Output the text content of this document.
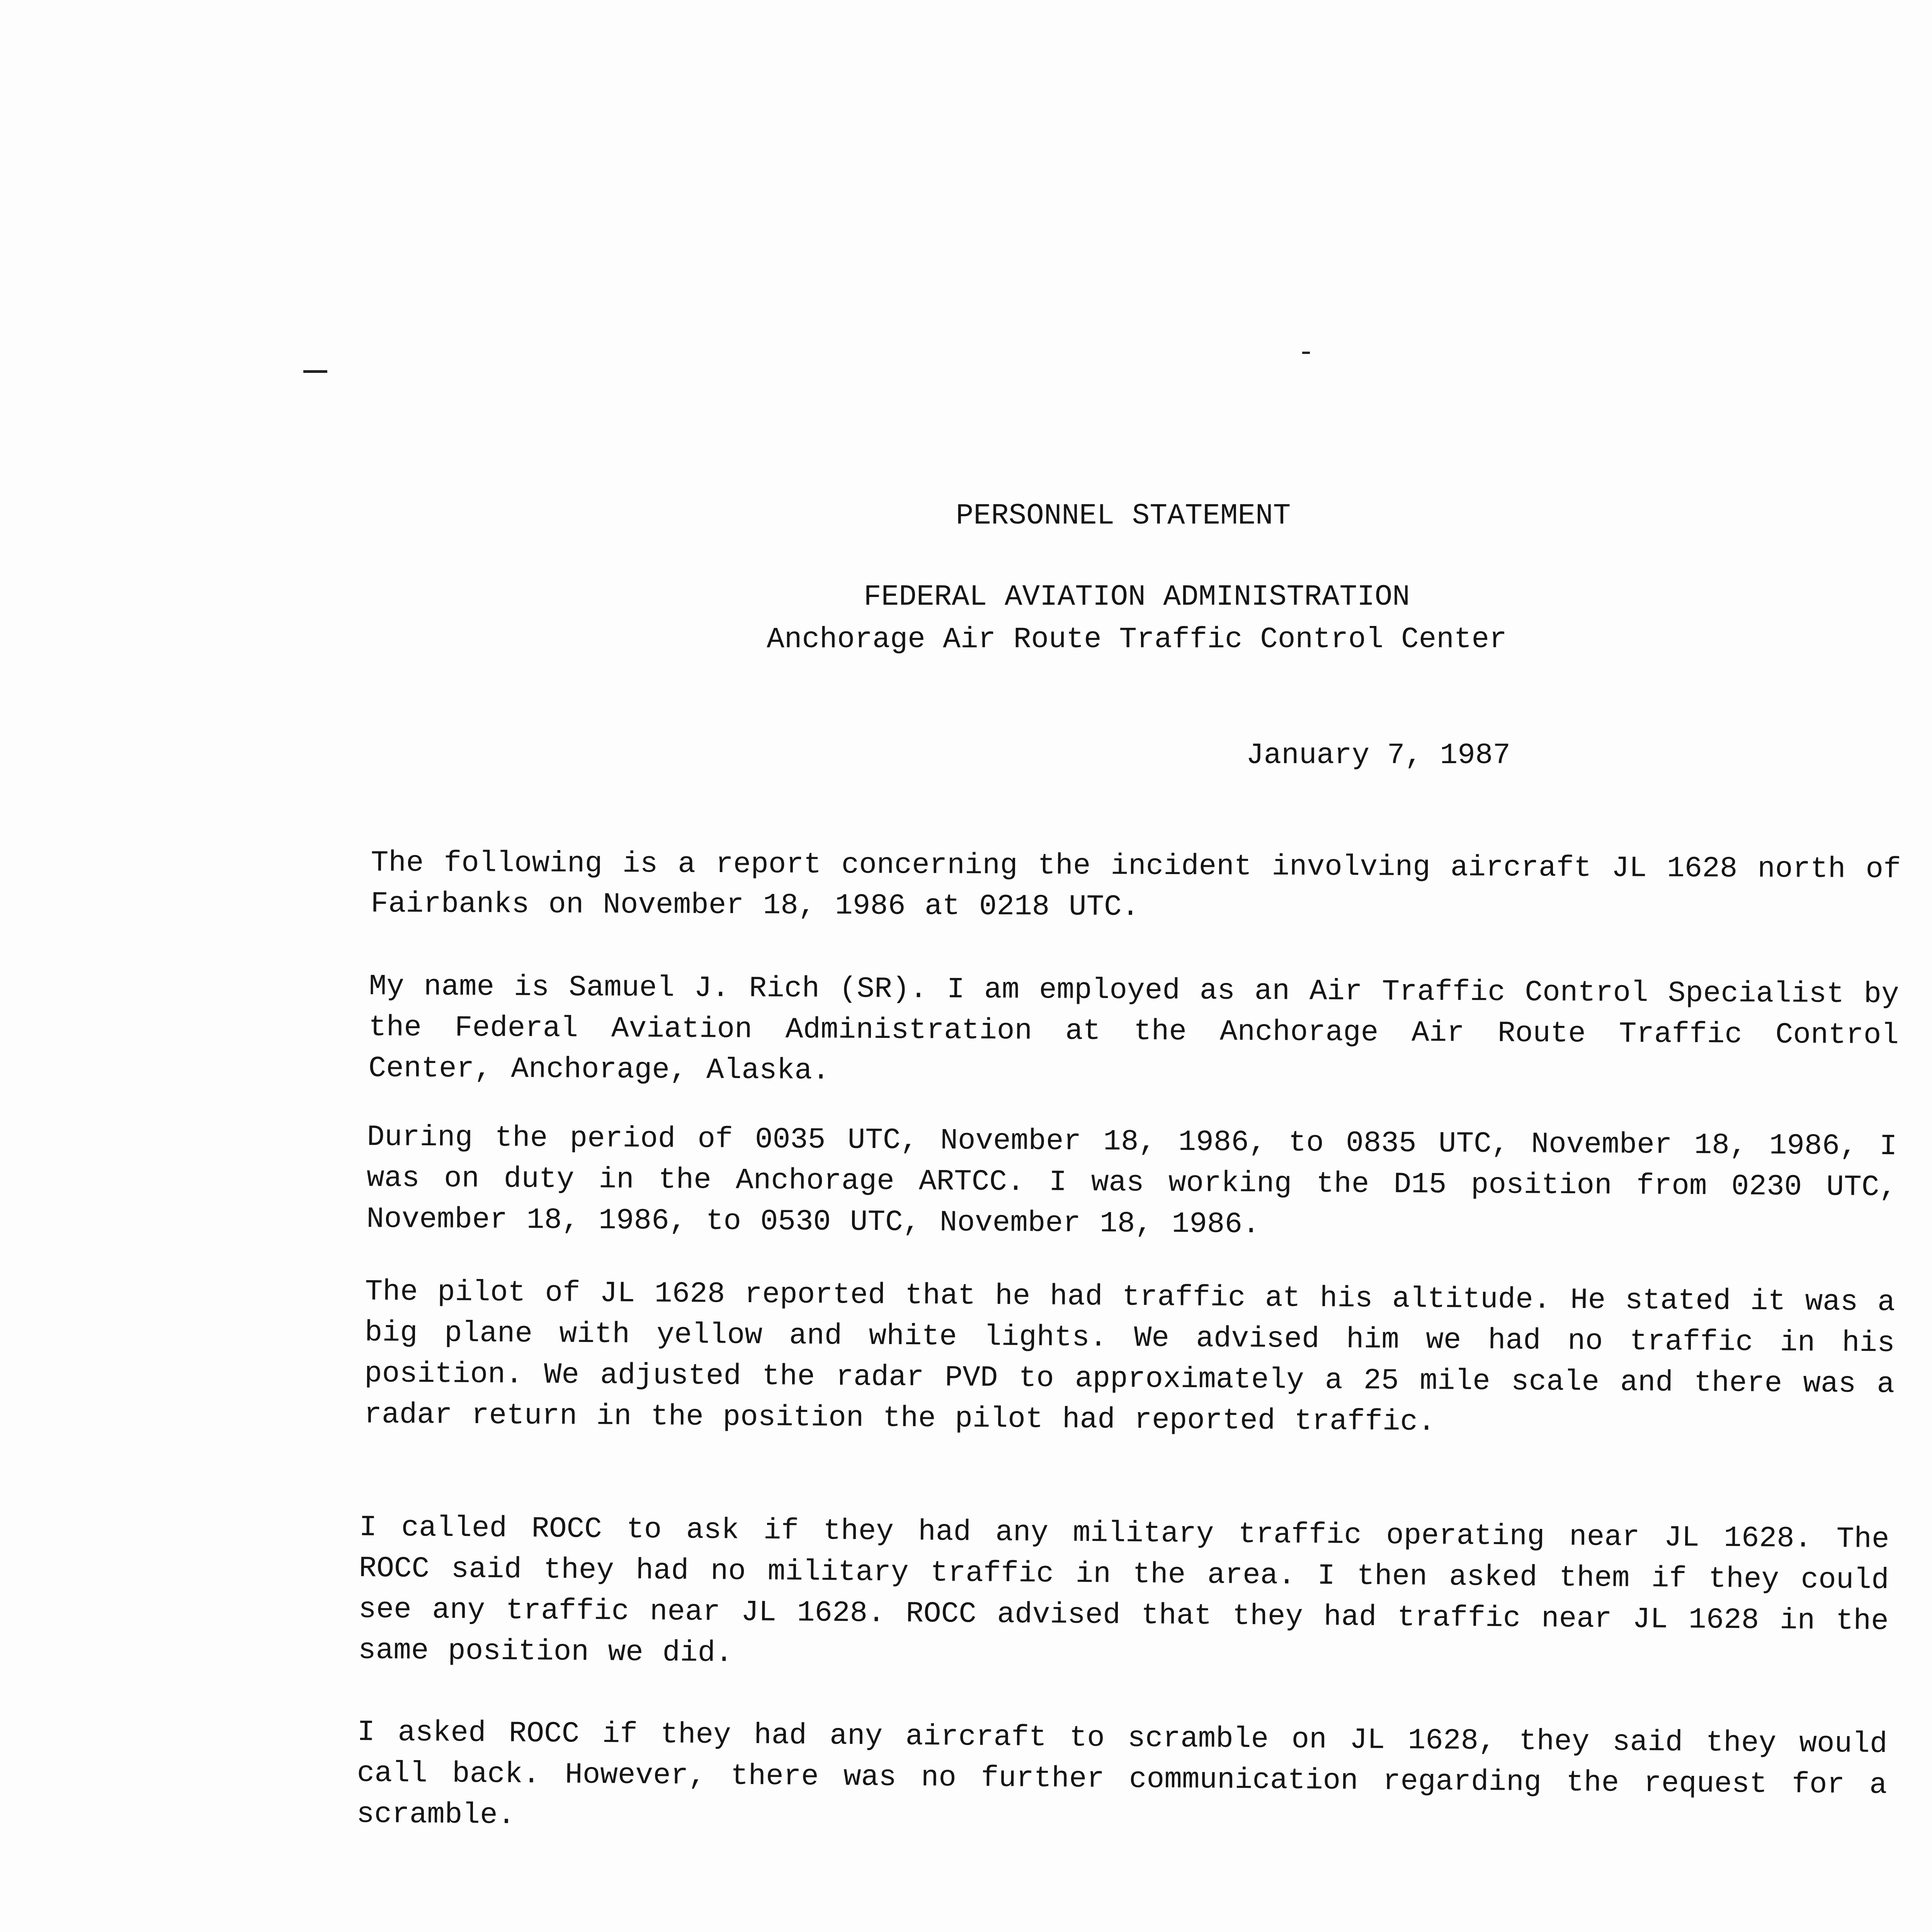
PERSONNEL STATEMENT
FEDERAL AVIATION ADMINISTRATION
Anchorage Air Route Traffic Control Center
January 7, 1987
The following is a report concerning the incident involving aircraft JL 1628 north of Fairbanks on November 18, 1986 at 0218 UTC.
My name is Samuel J. Rich (SR). I am employed as an Air Traffic Control Specialist by the Federal Aviation Administration at the Anchorage Air Route Traffic Control Center, Anchorage, Alaska.
During the period of 0035 UTC, November 18, 1986, to 0835 UTC, November 18, 1986, I was on duty in the Anchorage ARTCC. I was working the D15 position from 0230 UTC, November 18, 1986, to 0530 UTC, November 18, 1986.
The pilot of JL 1628 reported that he had traffic at his altitude. He stated it was a big plane with yellow and white lights. We advised him we had no traffic in his position. We adjusted the radar PVD to approximately a 25 mile scale and there was a radar return in the position the pilot had reported traffic.
I called ROCC to ask if they had any military traffic operating near JL 1628. The ROCC said they had no military traffic in the area. I then asked them if they could see any traffic near JL 1628. ROCC advised that they had traffic near JL 1628 in the same position we did.
I asked ROCC if they had any aircraft to scramble on JL 1628, they said they would call back. However, there was no further communication regarding the request for a scramble.
